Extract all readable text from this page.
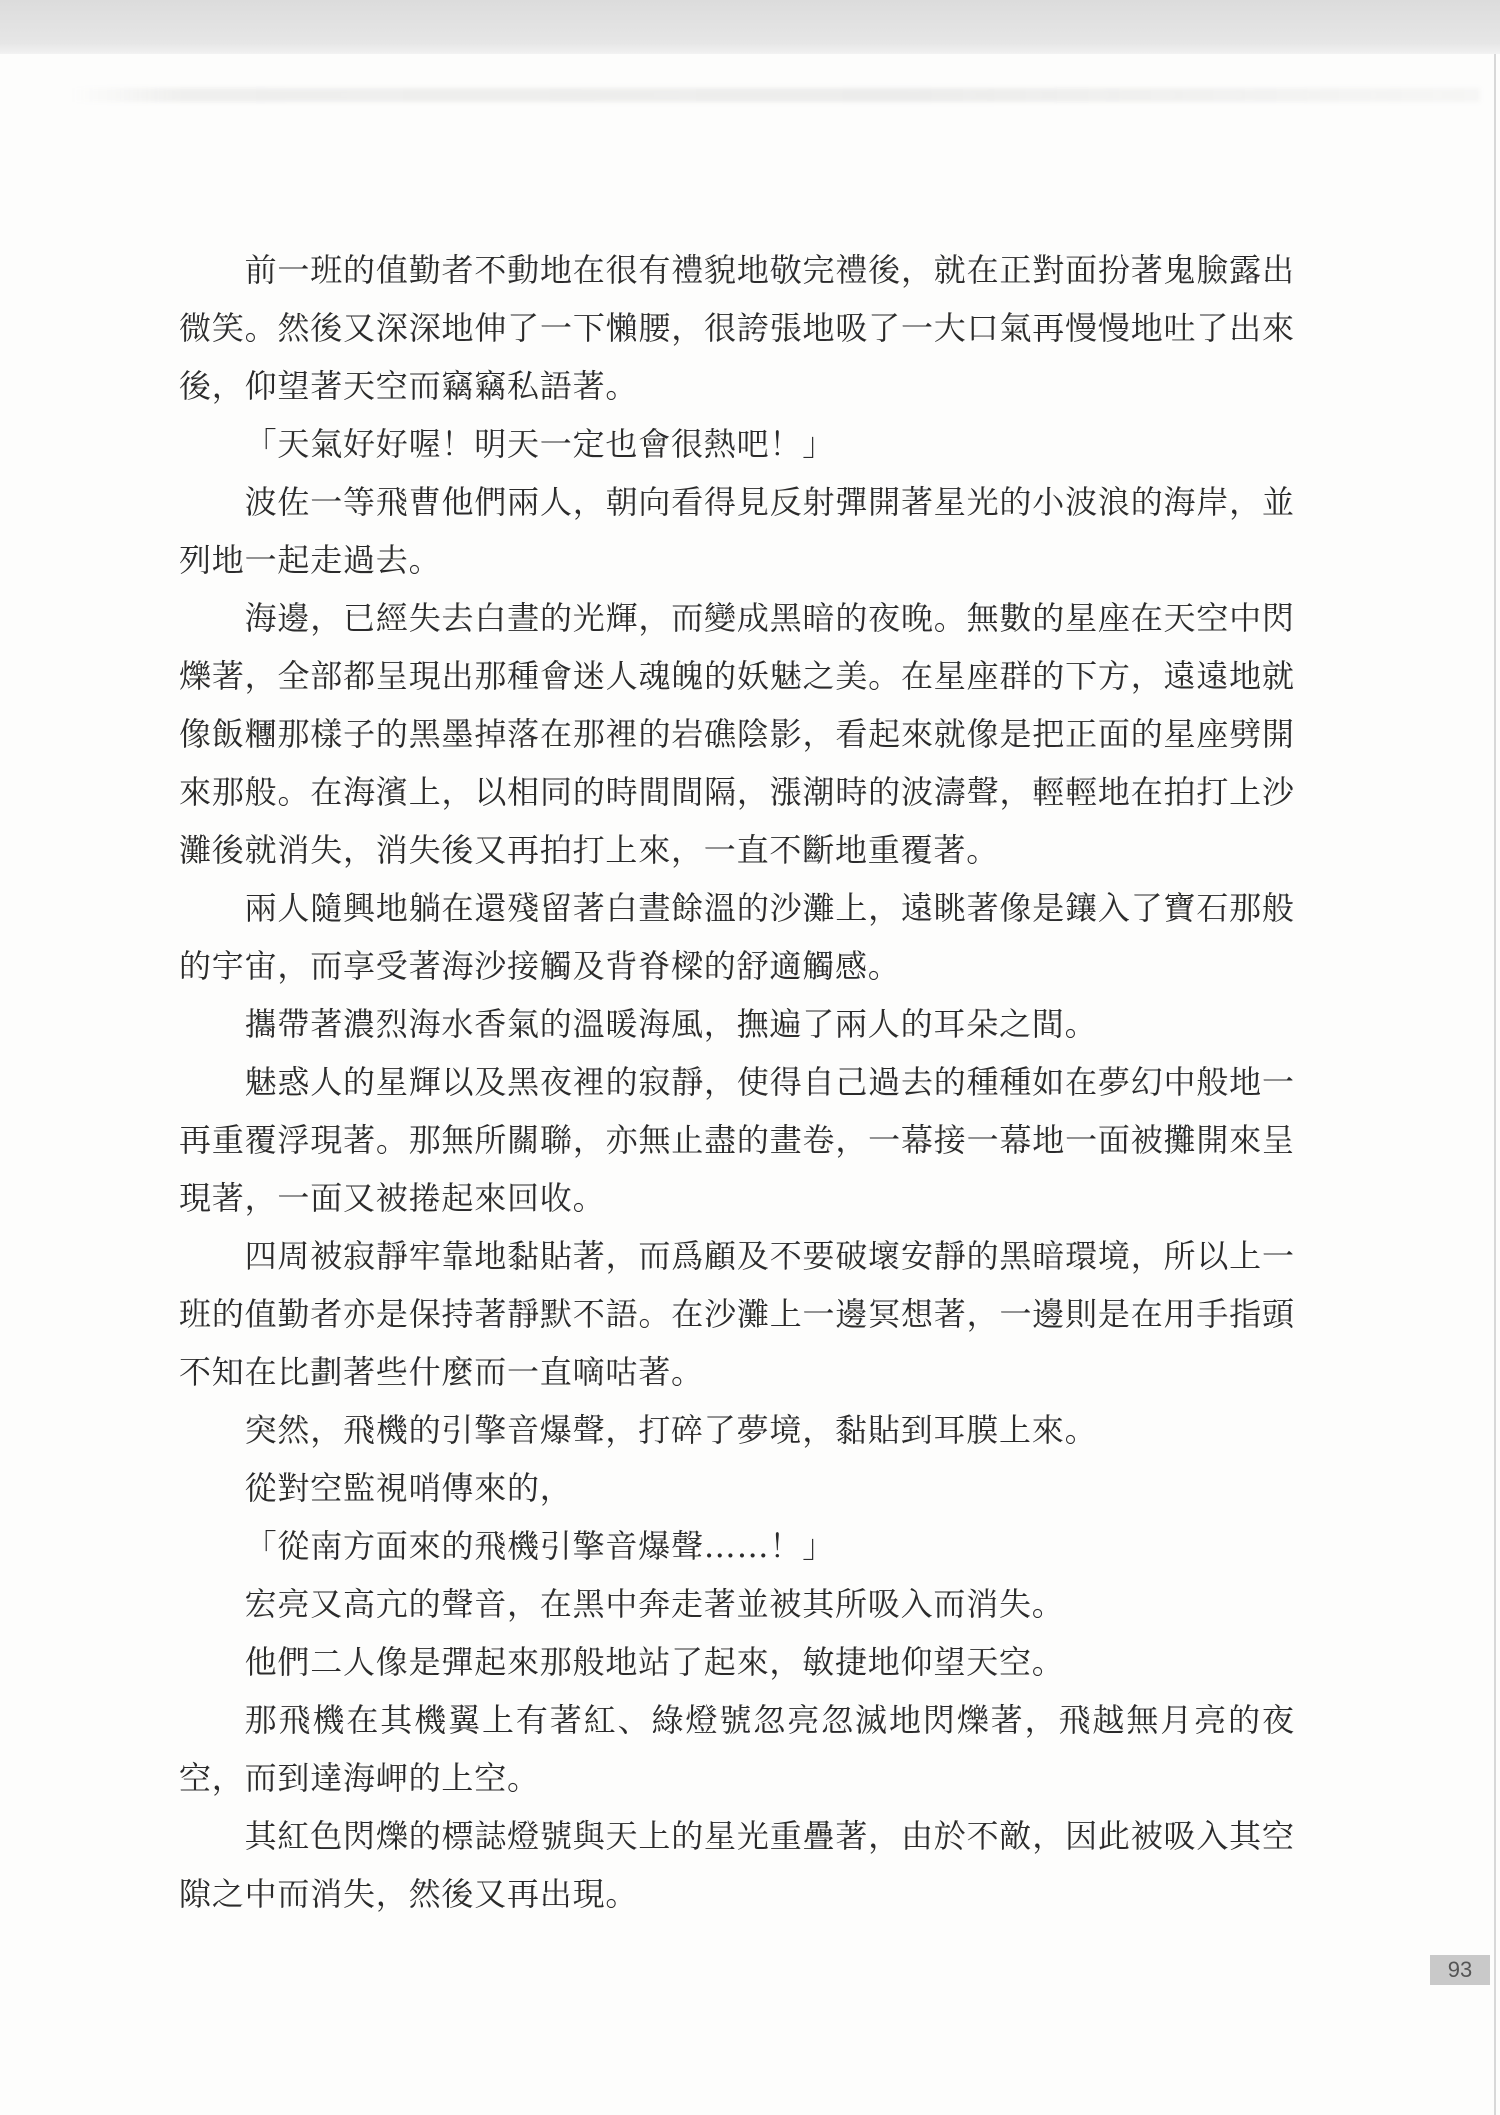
前一班的值勤者不動地在很有禮貌地敬完禮後，就在正對面扮著鬼臉露出
微笑。然後又深深地伸了一下懶腰，很誇張地吸了一大口氣再慢慢地吐了出來
後，仰望著天空而竊竊私語著。
「天氣好好喔！明天一定也會很熱吧！」
波佐一等飛曹他們兩人，朝向看得見反射彈開著星光的小波浪的海岸，並
列地一起走過去。
海邊，已經失去白晝的光輝，而變成黑暗的夜晚。無數的星座在天空中閃
爍著，全部都呈現出那種會迷人魂魄的妖魅之美。在星座群的下方，遠遠地就
像飯糰那樣子的黑墨掉落在那裡的岩礁陰影，看起來就像是把正面的星座劈開
來那般。在海濱上，以相同的時間間隔，漲潮時的波濤聲，輕輕地在拍打上沙
灘後就消失，消失後又再拍打上來，一直不斷地重覆著。
兩人隨興地躺在還殘留著白晝餘溫的沙灘上，遠眺著像是鑲入了寶石那般
的宇宙，而享受著海沙接觸及背脊樑的舒適觸感。
攜帶著濃烈海水香氣的溫暖海風，撫遍了兩人的耳朵之間。
魅惑人的星輝以及黑夜裡的寂靜，使得自己過去的種種如在夢幻中般地一
再重覆浮現著。那無所關聯，亦無止盡的畫卷，一幕接一幕地一面被攤開來呈
現著，一面又被捲起來回收。
四周被寂靜牢靠地黏貼著，而爲顧及不要破壞安靜的黑暗環境，所以上一
班的值勤者亦是保持著靜默不語。在沙灘上一邊冥想著，一邊則是在用手指頭
不知在比劃著些什麼而一直嘀咕著。
突然，飛機的引擎音爆聲，打碎了夢境，黏貼到耳膜上來。
從對空監視哨傳來的，
「從南方面來的飛機引擎音爆聲……！」
宏亮又高亢的聲音，在黑中奔走著並被其所吸入而消失。
他們二人像是彈起來那般地站了起來，敏捷地仰望天空。
那飛機在其機翼上有著紅、綠燈號忽亮忽滅地閃爍著，飛越無月亮的夜
空，而到達海岬的上空。
其紅色閃爍的標誌燈號與天上的星光重疊著，由於不敵，因此被吸入其空
隙之中而消失，然後又再出現。
93
